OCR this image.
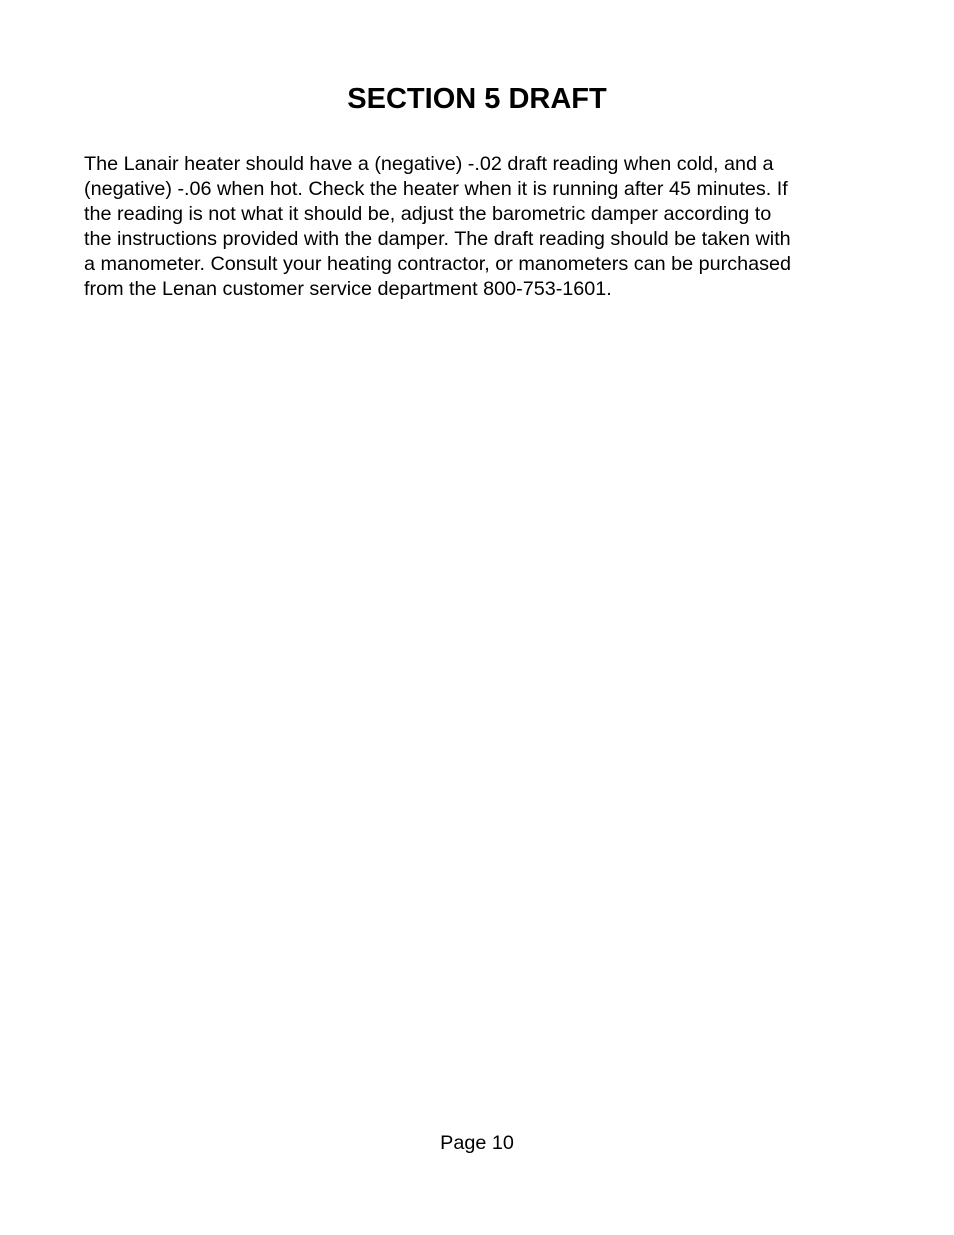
SECTION 5 DRAFT

The Lanair heater should have a (negative) -.02 draft reading when cold, and a
(negative) -.06 when hot. Check the heater when it is running after 45 minutes. If
the reading is not what it should be, adjust the barometric damper according to
the instructions provided with the damper. The draft reading should be taken with
a manometer. Consult your heating contractor, or manometers can be purchased
from the Lenan customer service department 800-753-1601.

Page 10
